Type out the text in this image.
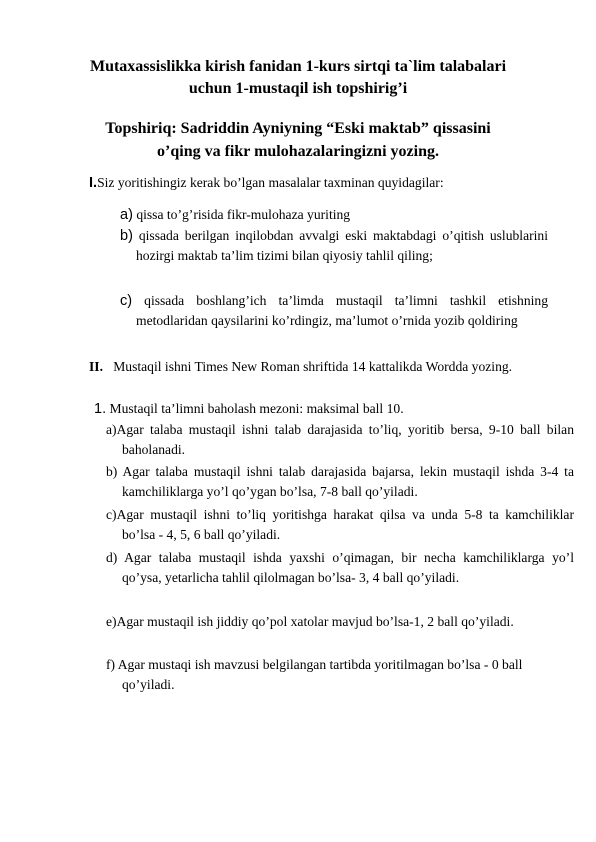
Mutaxassislikka kirish fanidan 1-kurs sirtqi ta`lim talabalari
uchun 1-mustaqil ish topshirig’i
Topshiriq: Sadriddin Ayniyning “Eski maktab” qissasini
o’qing va fikr mulohazalaringizni yozing.
I.Siz yoritishingiz kerak bo’lgan masalalar taxminan quyidagilar:
a) qissa to’g’risida fikr-mulohaza yuriting
b) qissada berilgan inqilobdan avvalgi eski maktabdagi o’qitish uslublarini hozirgi maktab ta’lim tizimi bilan qiyosiy tahlil qiling;
c) qissada boshlang’ich ta’limda mustaqil ta’limni tashkil etishning metodlaridan qaysilarini ko’rdingiz, ma’lumot o’rnida yozib qoldiring
II. Mustaqil ishni Times New Roman shriftida 14 kattalikda Wordda yozing.
1. Mustaqil ta’limni baholash mezoni: maksimal ball 10.
a)Agar talaba mustaqil ishni talab darajasida to’liq, yoritib bersa, 9-10 ball bilan baholanadi.
b) Agar talaba mustaqil ishni talab darajasida bajarsa, lekin mustaqil ishda 3-4 ta kamchiliklarga yo’l qo’ygan bo’lsa, 7-8 ball qo’yiladi.
c)Agar mustaqil ishni to’liq yoritishga harakat qilsa va unda 5-8 ta kamchiliklar bo’lsa - 4, 5, 6 ball qo’yiladi.
d) Agar talaba mustaqil ishda yaxshi o’qimagan, bir necha kamchiliklarga yo’l qo’ysa, yetarlicha tahlil qilolmagan bo’lsa- 3, 4 ball qo’yiladi.
e)Agar mustaqil ish jiddiy qo’pol xatolar mavjud bo’lsa-1, 2 ball qo’yiladi.
f) Agar mustaqi ish mavzusi belgilangan tartibda yoritilmagan bo’lsa - 0 ball qo’yiladi.
